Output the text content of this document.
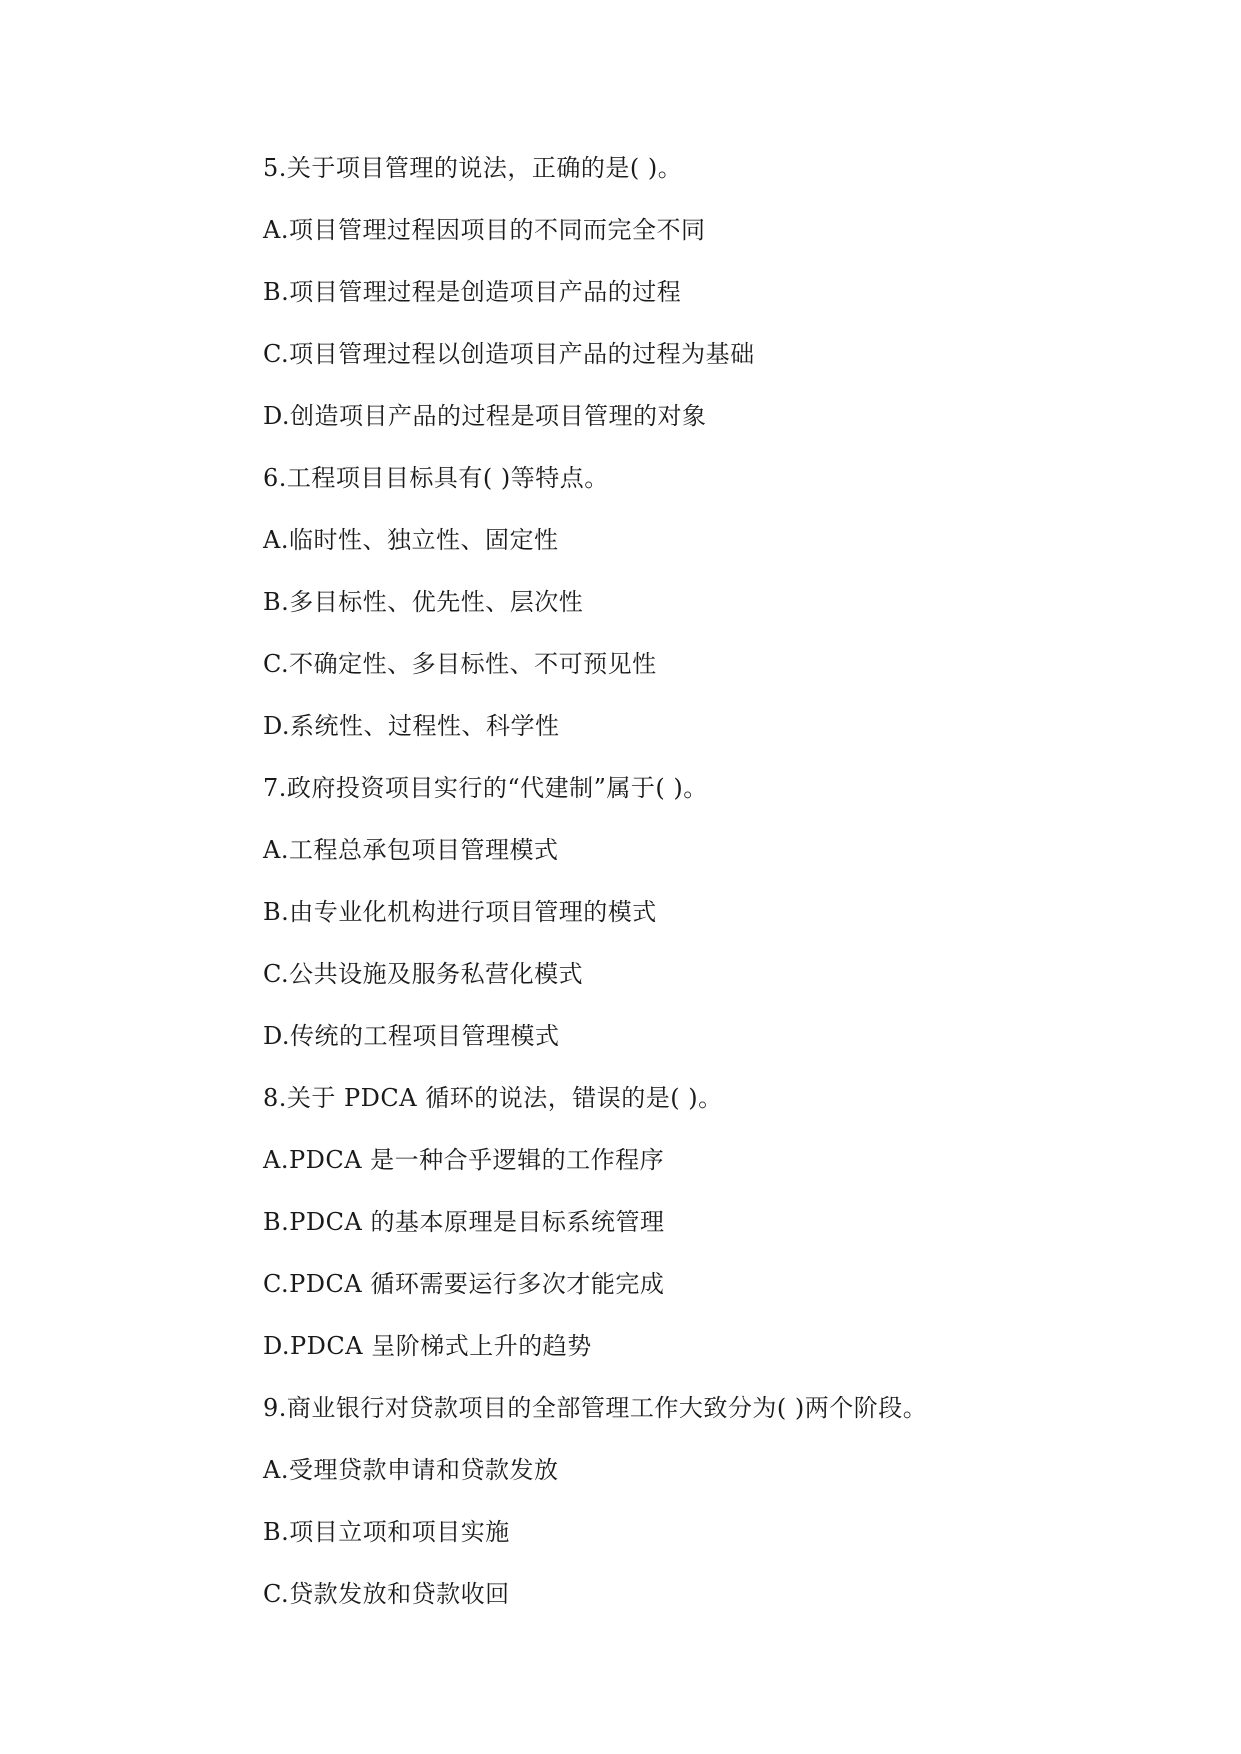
5.关于项目管理的说法，正确的是( )。
A.项目管理过程因项目的不同而完全不同
B.项目管理过程是创造项目产品的过程
C.项目管理过程以创造项目产品的过程为基础
D.创造项目产品的过程是项目管理的对象
6.工程项目目标具有( )等特点。
A.临时性、独立性、固定性
B.多目标性、优先性、层次性
C.不确定性、多目标性、不可预见性
D.系统性、过程性、科学性
7.政府投资项目实行的“代建制”属于( )。
A.工程总承包项目管理模式
B.由专业化机构进行项目管理的模式
C.公共设施及服务私营化模式
D.传统的工程项目管理模式
8.关于 PDCA 循环的说法，错误的是( )。
A.PDCA 是一种合乎逻辑的工作程序
B.PDCA 的基本原理是目标系统管理
C.PDCA 循环需要运行多次才能完成
D.PDCA 呈阶梯式上升的趋势
9.商业银行对贷款项目的全部管理工作大致分为( )两个阶段。
A.受理贷款申请和贷款发放
B.项目立项和项目实施
C.贷款发放和贷款收回
